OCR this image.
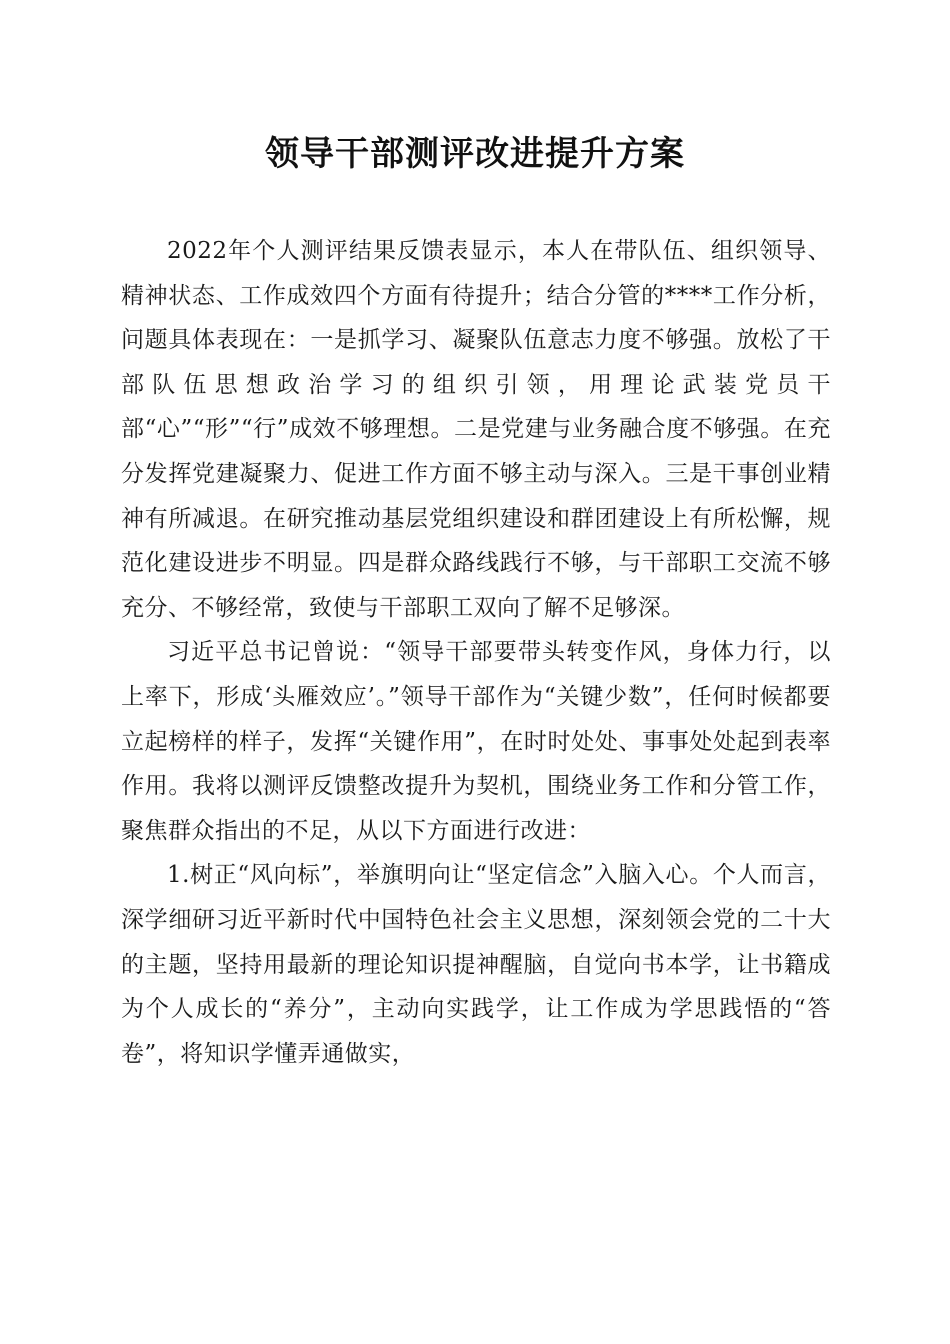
领导干部测评改进提升方案

2022年个人测评结果反馈表显示，本人在带队伍、组织领导、精神状态、工作成效四个方面有待提升；结合分管的****工作分析，问题具体表现在：一是抓学习、凝聚队伍意志力度不够强。放松了干部队伍思想政治学习的组织引领，用理论武装党员干部“心”“形”“行”成效不够理想。二是党建与业务融合度不够强。在充分发挥党建凝聚力、促进工作方面不够主动与深入。三是干事创业精神有所减退。在研究推动基层党组织建设和群团建设上有所松懈，规范化建设进步不明显。四是群众路线践行不够，与干部职工交流不够充分、不够经常，致使与干部职工双向了解不足够深。

习近平总书记曾说：“领导干部要带头转变作风，身体力行，以上率下，形成‘头雁效应’。”领导干部作为“关键少数”，任何时候都要立起榜样的样子，发挥“关键作用”，在时时处处、事事处处起到表率作用。我将以测评反馈整改提升为契机，围绕业务工作和分管工作，聚焦群众指出的不足，从以下方面进行改进：

1.树正“风向标”，举旗明向让“坚定信念”入脑入心。个人而言，深学细研习近平新时代中国特色社会主义思想，深刻领会党的二十大的主题，坚持用最新的理论知识提神醒脑，自觉向书本学，让书籍成为个人成长的“养分”，主动向实践学，让工作成为学思践悟的“答卷”，将知识学懂弄通做实，
